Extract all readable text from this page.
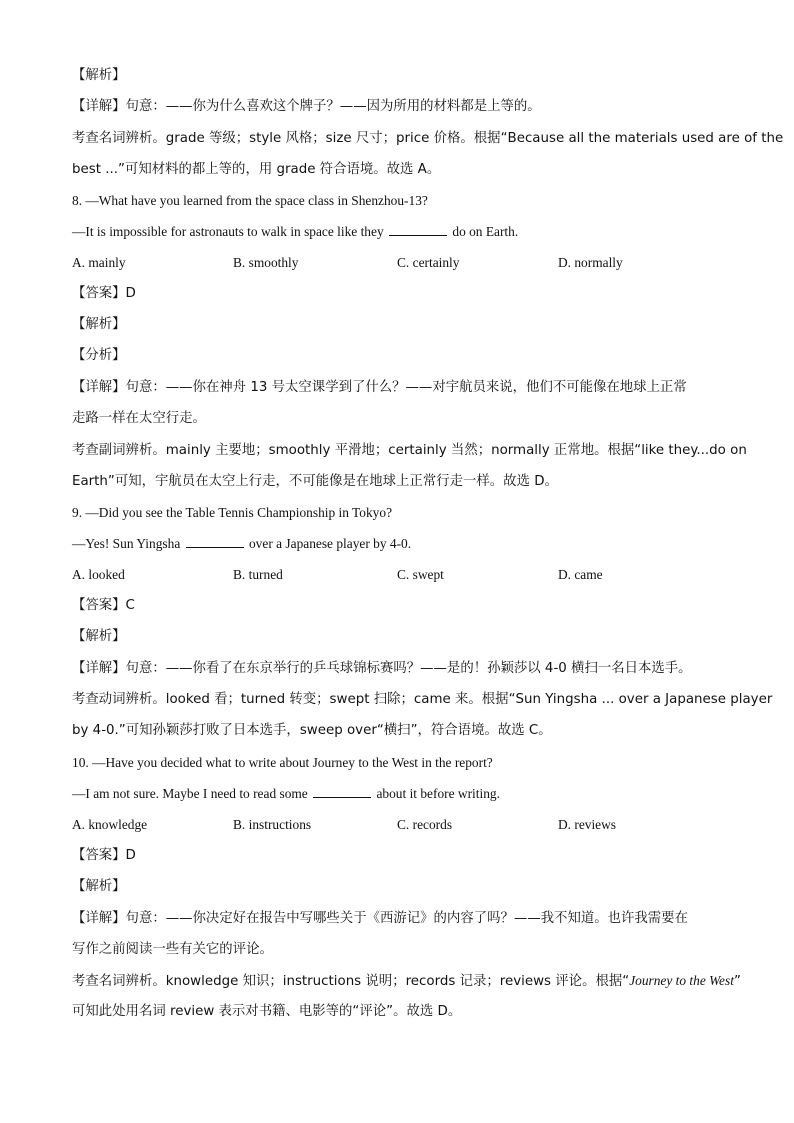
【解析】
【详解】句意：——你为什么喜欢这个牌子？——因为所用的材料都是上等的。
考查名词辨析。grade 等级；style 风格；size 尺寸；price 价格。根据“Because all the materials used are of the
best ...”可知材料的都上等的，用 grade 符合语境。故选 A。
8. —What have you learned from the space class in Shenzhou-13?
—It is impossible for astronauts to walk in space like they	do on Earth.
A. mainly	B. smoothly	C. certainly	D. normally
【答案】D
【解析】
【分析】
【详解】句意：——你在神舟 13 号太空课学到了什么？——对宇航员来说，他们不可能像在地球上正常
走路一样在太空行走。
考查副词辨析。mainly 主要地；smoothly 平滑地；certainly 当然；normally 正常地。根据“like they...do on
Earth”可知，宇航员在太空上行走，不可能像是在地球上正常行走一样。故选 D。
9. —Did you see the Table Tennis Championship in Tokyo?
—Yes! Sun Yingsha	over a Japanese player by 4-0.
A. looked	B. turned	C. swept	D. came
【答案】C
【解析】
【详解】句意：——你看了在东京举行的乒乓球锦标赛吗？——是的！孙颖莎以 4-0 横扫一名日本选手。
考查动词辨析。looked 看；turned 转变；swept 扫除；came 来。根据“Sun Yingsha ... over a Japanese player
by 4-0.”可知孙颖莎打败了日本选手，sweep over“横扫”，符合语境。故选 C。
10. —Have you decided what to write about Journey to the West in the report?
—I am not sure. Maybe I need to read some	about it before writing.
A. knowledge	B. instructions	C. records	D. reviews
【答案】D
【解析】
【详解】句意：——你决定好在报告中写哪些关于《西游记》的内容了吗？——我不知道。也许我需要在
写作之前阅读一些有关它的评论。
考查名词辨析。knowledge 知识；instructions 说明；records 记录；reviews 评论。根据“Journey to the West”
可知此处用名词 review 表示对书籍、电影等的“评论”。故选 D。
